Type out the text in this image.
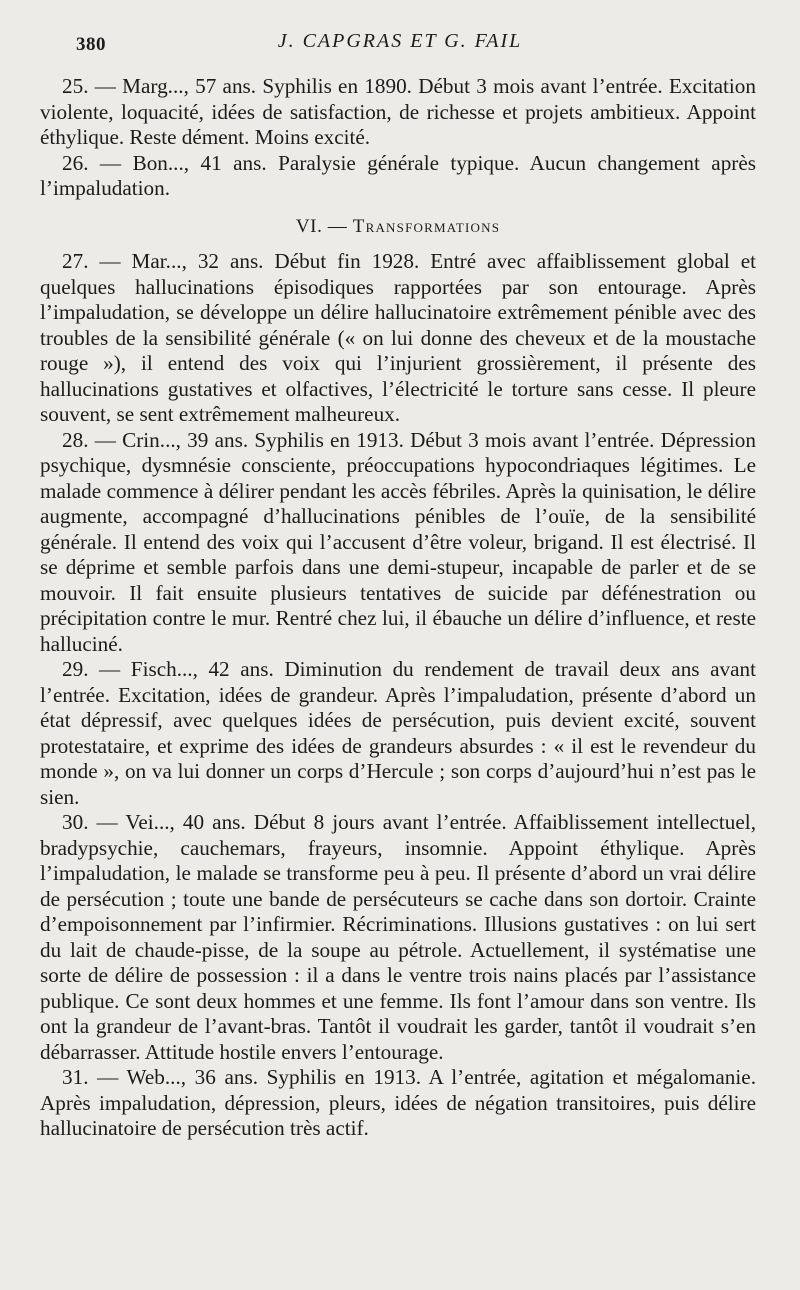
380	J. CAPGRAS ET G. FAIL

25. — Marg..., 57 ans. Syphilis en 1890. Début 3 mois avant l’entrée. Excitation violente, loquacité, idées de satisfaction, de richesse et projets ambitieux. Appoint éthylique. Reste dément. Moins excité.

26. — Bon..., 41 ans. Paralysie générale typique. Aucun changement après l’impaludation.

VI. — Transformations

27. — Mar..., 32 ans. Début fin 1928. Entré avec affaiblissement global et quelques hallucinations épisodiques rapportées par son entourage. Après l’impaludation, se développe un délire hallucinatoire extrêmement pénible avec des troubles de la sensibilité générale (« on lui donne des cheveux et de la moustache rouge »), il entend des voix qui l’injurient grossièrement, il présente des hallucinations gustatives et olfactives, l’électricité le torture sans cesse. Il pleure souvent, se sent extrêmement malheureux.

28. — Crin..., 39 ans. Syphilis en 1913. Début 3 mois avant l’entrée. Dépression psychique, dysmnésie consciente, préoccupations hypocondriaques légitimes. Le malade commence à délirer pendant les accès fébriles. Après la quinisation, le délire augmente, accompagné d’hallucinations pénibles de l’ouïe, de la sensibilité générale. Il entend des voix qui l’accusent d’être voleur, brigand. Il est électrisé. Il se déprime et semble parfois dans une demi-stupeur, incapable de parler et de se mouvoir. Il fait ensuite plusieurs tentatives de suicide par défénestration ou précipitation contre le mur. Rentré chez lui, il ébauche un délire d’influence, et reste halluciné.

29. — Fisch..., 42 ans. Diminution du rendement de travail deux ans avant l’entrée. Excitation, idées de grandeur. Après l’impaludation, présente d’abord un état dépressif, avec quelques idées de persécution, puis devient excité, souvent protestataire, et exprime des idées de grandeurs absurdes : « il est le revendeur du monde », on va lui donner un corps d’Hercule ; son corps d’aujourd’hui n’est pas le sien.

30. — Vei..., 40 ans. Début 8 jours avant l’entrée. Affaiblissement intellectuel, bradypsychie, cauchemars, frayeurs, insomnie. Appoint éthylique. Après l’impaludation, le malade se transforme peu à peu. Il présente d’abord un vrai délire de persécution ; toute une bande de persécuteurs se cache dans son dortoir. Crainte d’empoisonnement par l’infirmier. Récriminations. Illusions gustatives : on lui sert du lait de chaude-pisse, de la soupe au pétrole. Actuellement, il systématise une sorte de délire de possession : il a dans le ventre trois nains placés par l’assistance publique. Ce sont deux hommes et une femme. Ils font l’amour dans son ventre. Ils ont la grandeur de l’avant-bras. Tantôt il voudrait les garder, tantôt il voudrait s’en débarrasser. Attitude hostile envers l’entourage.

31. — Web..., 36 ans. Syphilis en 1913. A l’entrée, agitation et mégalomanie. Après impaludation, dépression, pleurs, idées de négation transitoires, puis délire hallucinatoire de persécution très actif.
